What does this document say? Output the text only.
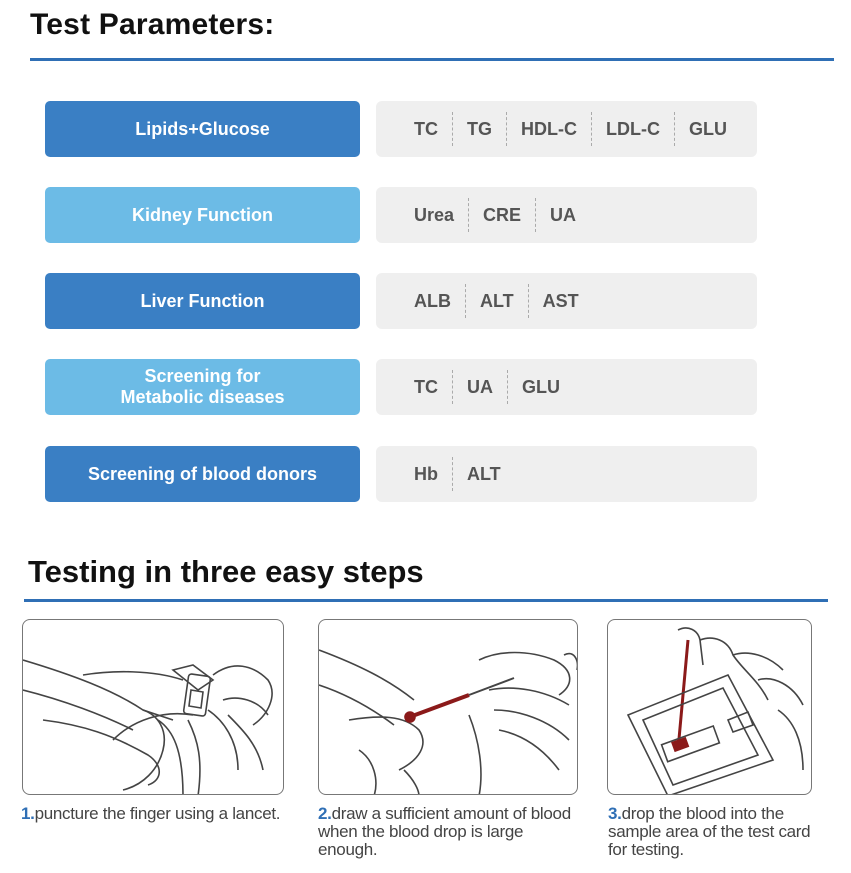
Test Parameters:
Lipids+Glucose	TC	TG	HDL-C	LDL-C	GLU
Kidney Function	Urea	CRE	UA
Liver Function	ALB	ALT	AST
Screening for
Metabolic diseases	TC	UA	GLU
Screening of blood donors	Hb	ALT
Testing in three easy steps
1.puncture the finger using a lancet.	2.draw a sufficient amount of blood when the blood drop is large enough.
3.drop the blood into the sample area of the test card for testing.
